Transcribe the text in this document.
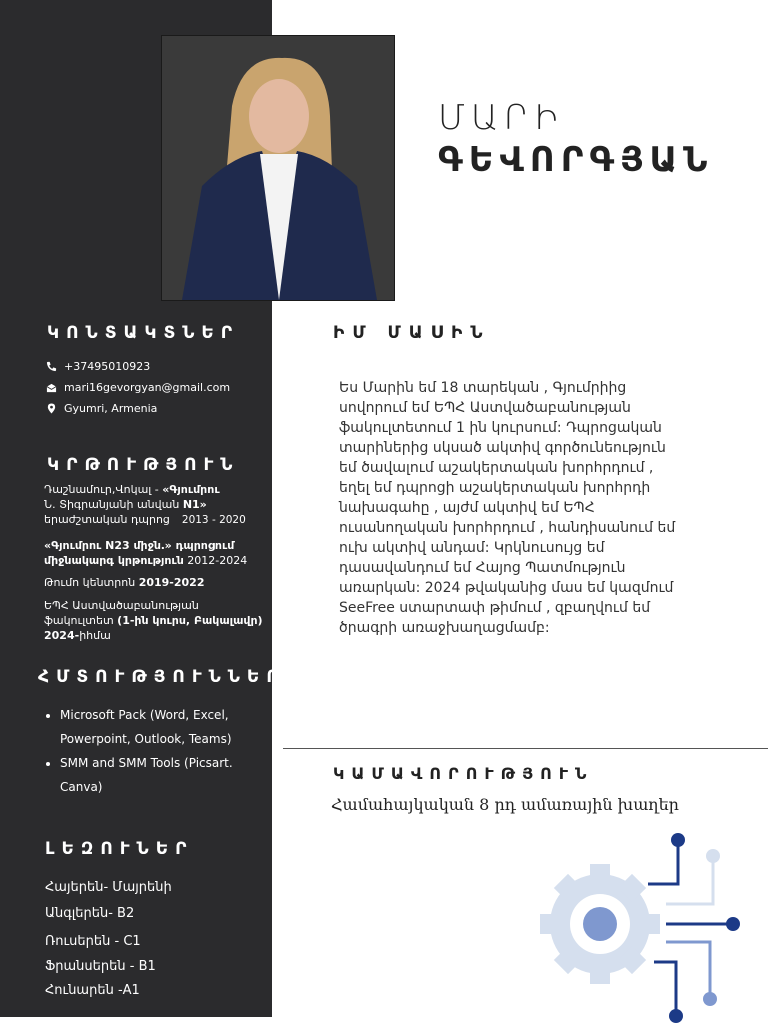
ՄԱՐԻ
ԳԵՎՈՐԳՅԱՆ
ԿՈՆՏԱԿՏՆԵՐ
+37495010923
mari16gevorgyan@gmail.com
Gyumri, Armenia
ԿՐԹՈՒԹՅՈՒՆ
Դաշնամուր,Վոկալ - «Գյումրու
Ն․ Տիգրանյանի անվան N1»
երաժշտական դպրոց 2013 - 2020
«Գյումրու N23 միջն․» դպրոցում
միջնակարգ կրթություն 2012-2024
Թումո կենտրոն 2019-2022
ԵՊՀ Աստվածաբանության
ֆակուլտետ (1-ին կուրս, Բակալավր)
2024-իհմա
ՀՄՏՈՒԹՅՈՒՆՆԵՐ
• Microsoft Pack (Word, Excel, Powerpoint, Outlook, Teams)
• SMM and SMM Tools (Picsart. Canva)
ԼԵԶՈՒՆԵՐ
Հայերեն- Մայրենի
Անգլերեն- B2
Ռուսերեն - C1
Ֆրանսերեն - B1
Հունարեն -A1
ԻՄ ՄԱՍԻՆ
Ես Մարին եմ 18 տարեկան , Գյումրիից սովորում եմ ԵՊՀ Աստվածաբանության ֆակուլտետում 1 ին կուրսում: Դպրոցական տարիներից սկսած ակտիվ գործունեություն եմ ծավալում աշակերտական խորհրդում , եղել եմ դպրոցի աշակերտական խորհրդի նախագահը , այժմ ակտիվ եմ ԵՊՀ ուսանողական խորհրդում , հանդիսանում եմ ուխ ակտիվ անդամ: Կրկնուսույց եմ դասավանդում եմ Հայոց Պատմություն առարկան: 2024 թվականից մաս եմ կազմում SeeFree ստարտափ թիմում , զբաղվում եմ ծրագրի առաջխաղացմամբ:
ԿԱՄԱՎՈՐՈՒԹՅՈՒՆ
Համահայկական 8 րդ ամառային խաղեր
